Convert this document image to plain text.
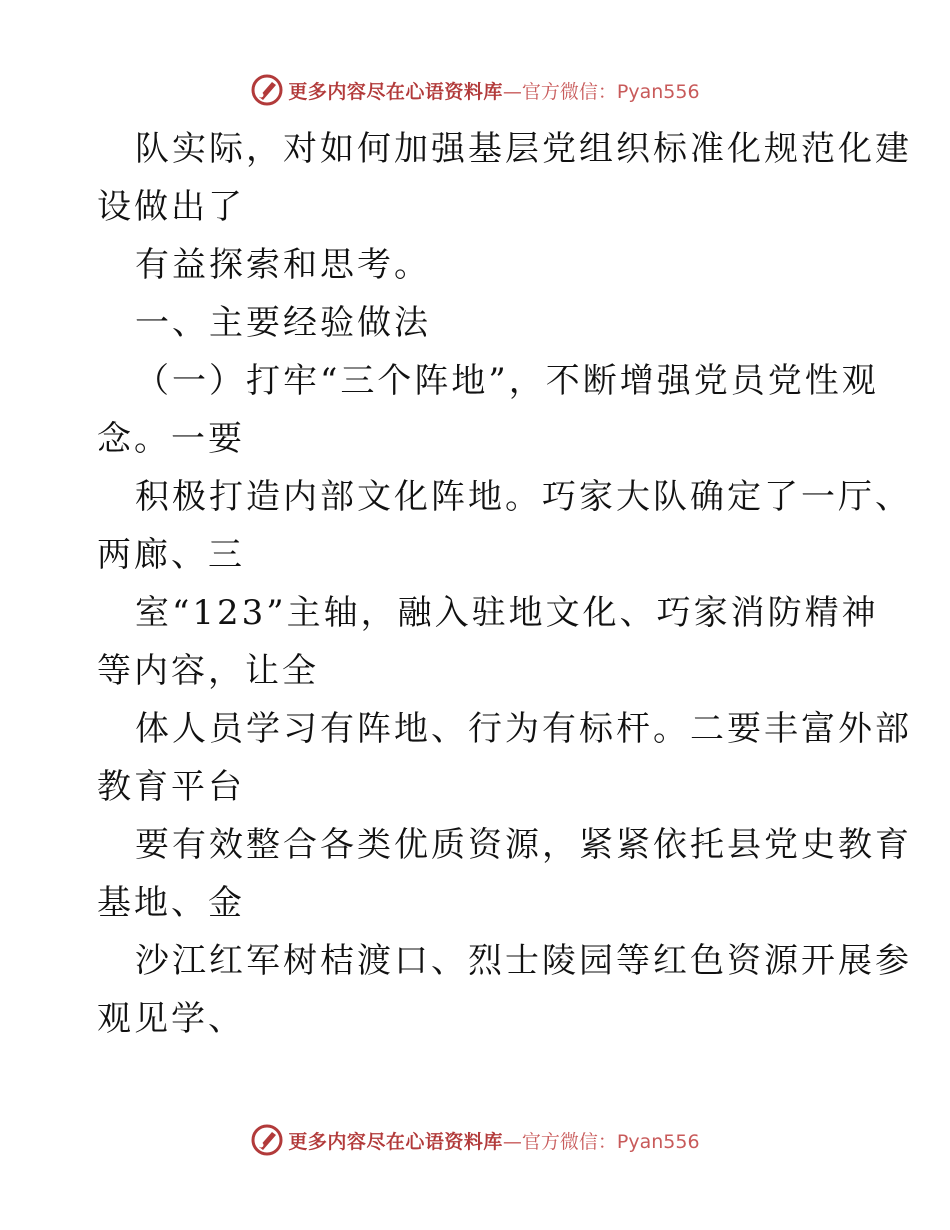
更多内容尽在心语资料库 —官方微信：Pyan556
队实际，对如何加强基层党组织标准化规范化建
设做出了
有益探索和思考。
一、主要经验做法
（一）打牢“三个阵地”，不断增强党员党性观
念。一要
积极打造内部文化阵地。巧家大队确定了一厅、
两廊、三
室“123”主轴，融入驻地文化、巧家消防精神
等内容，让全
体人员学习有阵地、行为有标杆。二要丰富外部
教育平台
要有效整合各类优质资源，紧紧依托县党史教育
基地、金
沙江红军树桔渡口、烈士陵园等红色资源开展参
观见学、
更多内容尽在心语资料库 —官方微信：Pyan556
